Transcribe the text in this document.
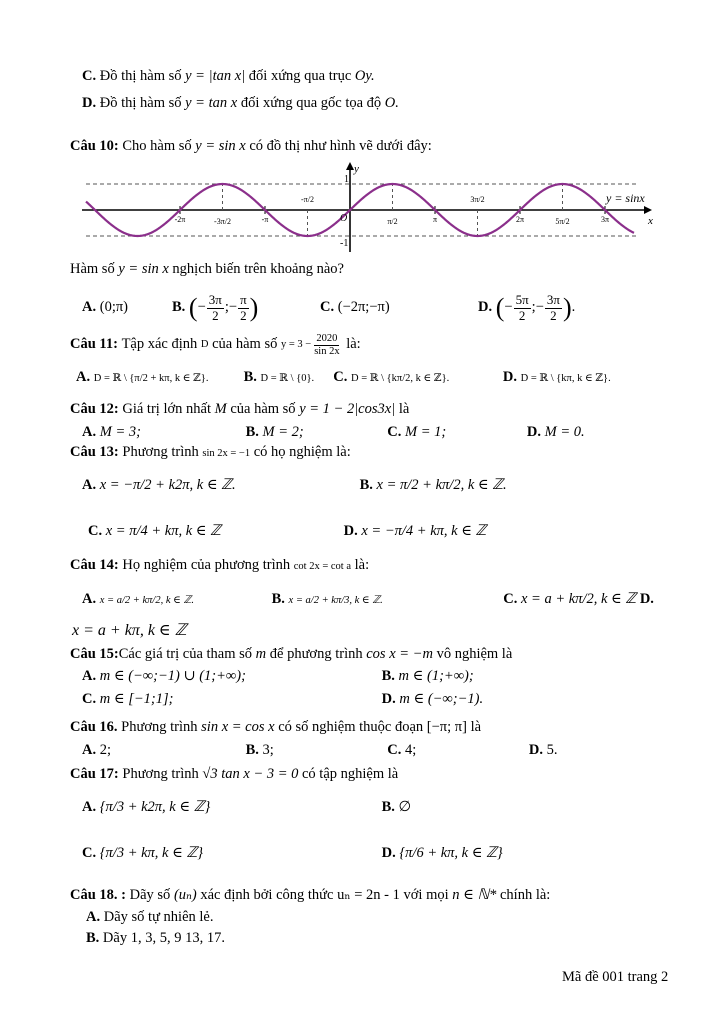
C. Đồ thị hàm số y = |tan x| đối xứng qua trục Oy.
D. Đồ thị hàm số y = tan x đối xứng qua gốc tọa độ O.
Câu 10: Cho hàm số y = sin x có đồ thị như hình vẽ dưới đây:
y
x
O
1
-1
y = sinx
-2π	-3π/2	-π
-π/2
π/2	π
3π/2
2π	5π/2	3π
Hàm số y = sin x nghịch biến trên khoảng nào?
A. (0;π)	B. (− $\frac{3\pi}{2}$ ;− $\frac{\pi}{2}$ )	C. (−2π;−π)	D. (− $\frac{5\pi}{2}$ ;− $\frac{3\pi}{2}$ ).
Câu 11:
Tập xác định
D
của hàm số
$y = 3 - \frac{2020}{\sin 2x}$
là:
A. D = ℝ \ {π/2 + kπ, k ∈ ℤ}. B. D = ℝ \ {0}. C. D = ℝ \ {kπ/2, k ∈ ℤ}.	D. D = ℝ \ {kπ, k ∈ ℤ}.
Câu 12: Giá trị lớn nhất M của hàm số y = 1 − 2|cos3x| là
A. M = 3;	B. M = 2;	C. M = 1;	D. M = 0.
Câu 13: Phương trình sin 2x = −1 có họ nghiệm là:
A. x = −π/2 + k2π, k ∈ ℤ.	B. x = π/2 + kπ/2, k ∈ ℤ.
C. x = π/4 + kπ, k ∈ ℤ	D. x = −π/4 + kπ, k ∈ ℤ
Câu 14: Họ nghiệm của phương trình cot 2x = cot a là:
A. x = a/2 + kπ/2, k ∈ ℤ.	B. x = a/2 + kπ/3, k ∈ ℤ.	C. x = a + kπ/2, k ∈ ℤ D.
x = a + kπ, k ∈ ℤ
Câu 15:Các giá trị của tham số m để phương trình cos x = −m vô nghiệm là
A. m ∈ (−∞;−1) ∪ (1;+∞);	B. m ∈ (1;+∞);
C. m ∈ [−1;1];	D. m ∈ (−∞;−1).
Câu 16. Phương trình sin x = cos x có số nghiệm thuộc đoạn [−π; π] là
A. 2;	B. 3;	C. 4;	D. 5.
Câu 17: Phương trình √3 tan x − 3 = 0 có tập nghiệm là
A. {π/3 + k2π, k ∈ ℤ}	B. ∅
C. {π/3 + kπ, k ∈ ℤ}	D. {π/6 + kπ, k ∈ ℤ}
Câu 18. : Dãy số (uₙ) xác định bởi công thức uₙ = 2n - 1 với mọi n ∈ ℕ* chính là:
A. Dãy số tự nhiên lẻ.
B. Dãy 1, 3, 5, 9 13, 17.
Mã đề 001 trang 2
